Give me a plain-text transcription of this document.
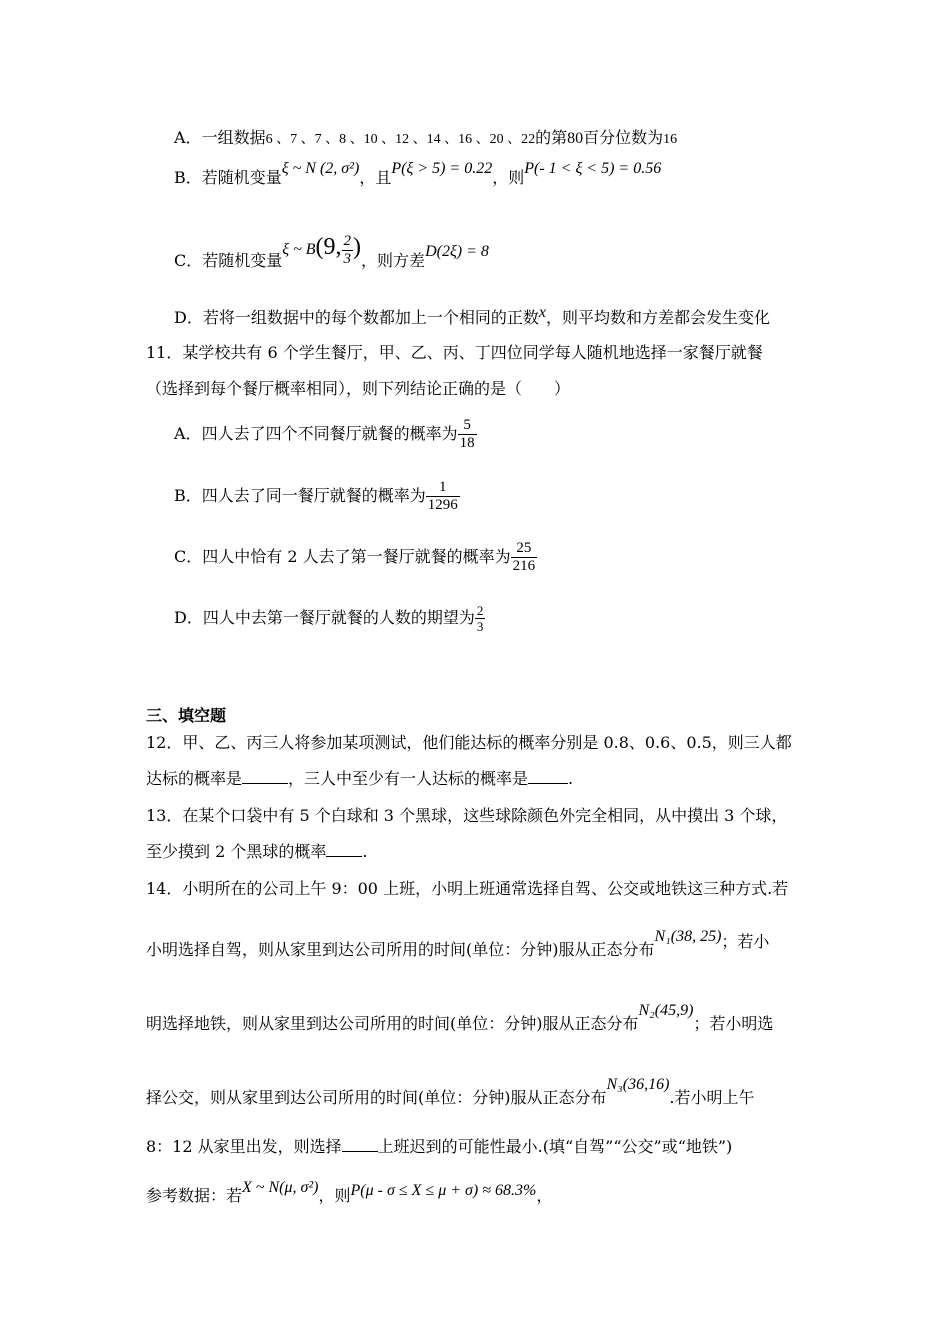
A．一组数据6 、7 、7 、8 、10 、12 、14 、16 、20 、22的第80百分位数为16
B．若随机变量ξ ~ N (2, σ²)，且P(ξ > 5) = 0.22，则P(- 1 < ξ < 5) = 0.56
C．若随机变量ξ ~ B(9, $\frac{2}{3}$ )，则方差D(2ξ) = 8
D．若将一组数据中的每个数都加上一个相同的正数x，则平均数和方差都会发生变化
11．某学校共有 6 个学生餐厅，甲、乙、丙、丁四位同学每人随机地选择一家餐厅就餐
（选择到每个餐厅概率相同），则下列结论正确的是（　　）
A．四人去了四个不同餐厅就餐的概率为 $\frac{5}{18}$
B．四人去了同一餐厅就餐的概率为 $\frac{1}{1296}$
C．四人中恰有 2 人去了第一餐厅就餐的概率为 $\frac{25}{216}$
D．四人中去第一餐厅就餐的人数的期望为 $\frac{2}{3}$
三、填空题
12．甲、乙、丙三人将参加某项测试，他们能达标的概率分别是 0.8、0.6、0.5，则三人都
达标的概率是	，三人中至少有一人达标的概率是	.
13．在某个口袋中有 5 个白球和 3 个黑球，这些球除颜色外完全相同，从中摸出 3 个球，
至少摸到 2 个黑球的概率 .
14．小明所在的公司上午 9：00 上班，小明上班通常选择自驾、公交或地铁这三种方式.若
小明选择自驾，则从家里到达公司所用的时间(单位：分钟)服从正态分布N₁(38, 25)；若小
明选择地铁，则从家里到达公司所用的时间(单位：分钟)服从正态分布N₂(45,9)；若小明选
择公交，则从家里到达公司所用的时间(单位：分钟)服从正态分布N₃(36,16).若小明上午
8：12 从家里出发，则选择 上班迟到的可能性最小.(填“自驾”“公交”或“地铁”)
参考数据：若X ~ N(μ, σ²)，则P(μ - σ ≤ X ≤ μ + σ) ≈ 68.3%，
